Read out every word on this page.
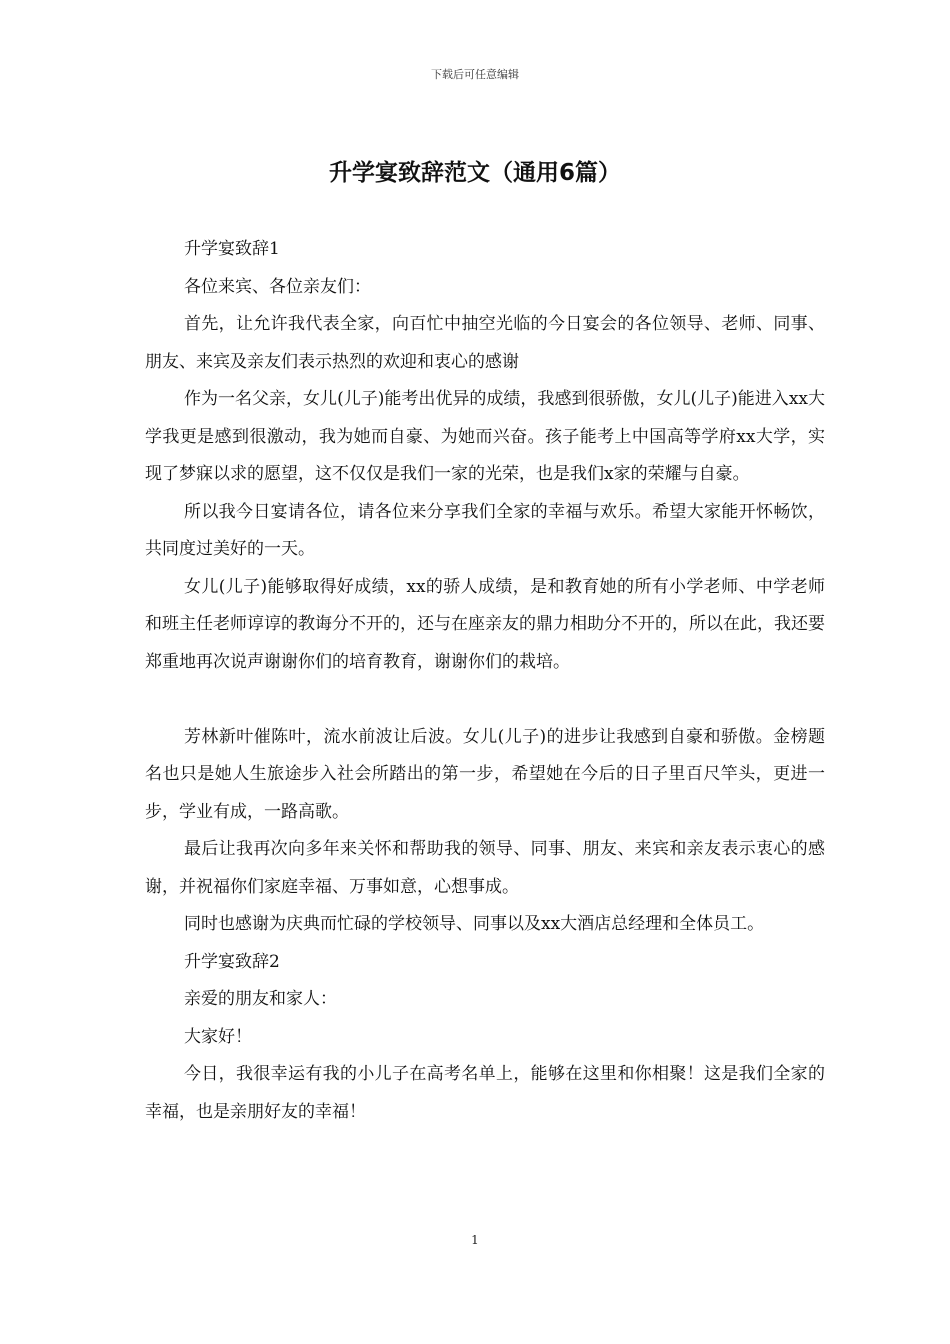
下载后可任意编辑
升学宴致辞范文（通用6篇）

升学宴致辞1

各位来宾、各位亲友们：

首先，让允许我代表全家，向百忙中抽空光临的今日宴会的各位领导、老师、同事、朋友、来宾及亲友们表示热烈的欢迎和衷心的感谢

作为一名父亲，女儿(儿子)能考出优异的成绩，我感到很骄傲，女儿(儿子)能进入xx大学我更是感到很激动，我为她而自豪、为她而兴奋。孩子能考上中国高等学府xx大学，实现了梦寐以求的愿望，这不仅仅是我们一家的光荣，也是我们x家的荣耀与自豪。

所以我今日宴请各位，请各位来分享我们全家的幸福与欢乐。希望大家能开怀畅饮，共同度过美好的一天。

女儿(儿子)能够取得好成绩，xx的骄人成绩，是和教育她的所有小学老师、中学老师和班主任老师谆谆的教诲分不开的，还与在座亲友的鼎力相助分不开的，所以在此，我还要郑重地再次说声谢谢你们的培育教育，谢谢你们的栽培。

芳林新叶催陈叶，流水前波让后波。女儿(儿子)的进步让我感到自豪和骄傲。金榜题名也只是她人生旅途步入社会所踏出的第一步，希望她在今后的日子里百尺竿头，更进一步，学业有成，一路高歌。

最后让我再次向多年来关怀和帮助我的领导、同事、朋友、来宾和亲友表示衷心的感谢，并祝福你们家庭幸福、万事如意，心想事成。

同时也感谢为庆典而忙碌的学校领导、同事以及xx大酒店总经理和全体员工。

升学宴致辞2

亲爱的朋友和家人：

大家好！

今日，我很幸运有我的小儿子在高考名单上，能够在这里和你相聚！这是我们全家的幸福，也是亲朋好友的幸福！

1
